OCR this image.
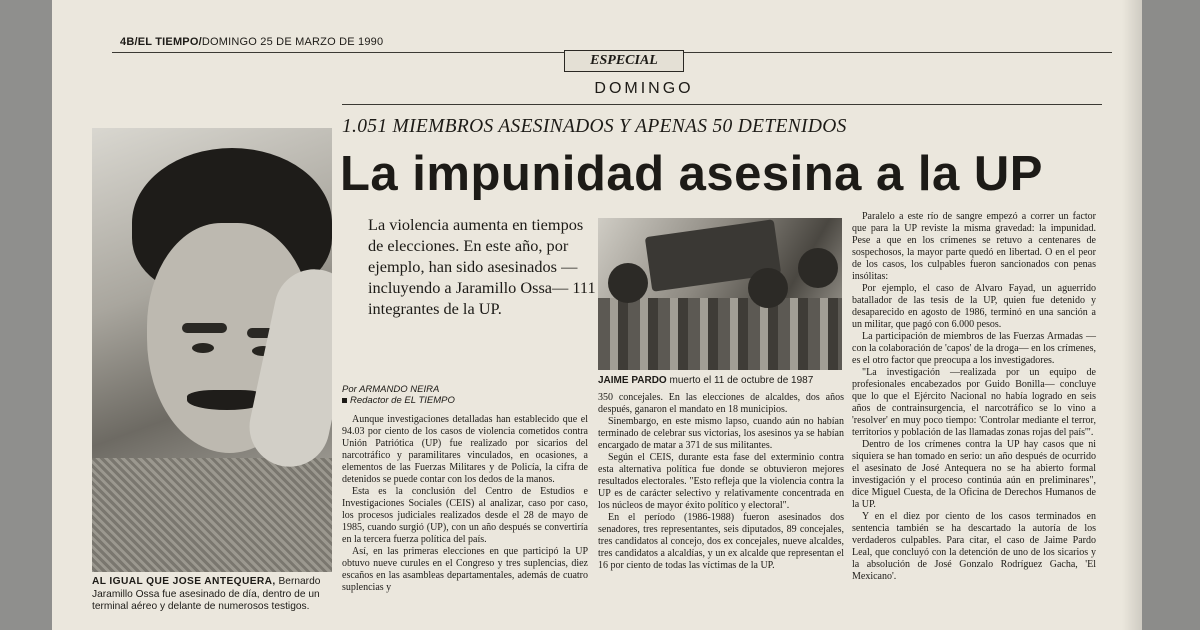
4B/EL TIEMPO/DOMINGO 25 DE MARZO DE 1990
ESPECIAL
DOMINGO
AL IGUAL QUE JOSE ANTEQUERA, Bernardo Jaramillo Ossa fue asesinado de día, dentro de un terminal aéreo y delante de numerosos testigos.
1.051 MIEMBROS ASESINADOS Y APENAS 50 DETENIDOS
La impunidad asesina a la UP
La violencia aumenta en tiempos de elecciones. En este año, por ejemplo, han sido asesinados —incluyendo a Jaramillo Ossa— 111 integrantes de la UP.
Por ARMANDO NEIRA
Redactor de EL TIEMPO

Aunque investigaciones detalladas han establecido que el 94.03 por ciento de los casos de violencia cometidos contra Unión Patriótica (UP) fue realizado por sicarios del narcotráfico y paramilitares vinculados, en ocasiones, a elementos de las Fuerzas Militares y de Policía, la cifra de detenidos se puede contar con los dedos de la manos.

Esta es la conclusión del Centro de Estudios e Investigaciones Sociales (CEIS) al analizar, caso por caso, los procesos judiciales realizados desde el 28 de mayo de 1985, cuando surgió (UP), con un año después se convertiría en la tercera fuerza política del país.

Así, en las primeras elecciones en que participó la UP obtuvo nueve curules en el Congreso y tres suplencias, diez escaños en las asambleas departamentales, además de cuatro suplencias y

JAIME PARDO muerto el 11 de octubre de 1987

350 concejales. En las elecciones de alcaldes, dos años después, ganaron el mandato en 18 municipios.

Sinembargo, en este mismo lapso, cuando aún no habían terminado de celebrar sus victorias, los asesinos ya se habían encargado de matar a 371 de sus militantes.

Según el CEIS, durante esta fase del exterminio contra esta alternativa política fue donde se obtuvieron mejores resultados electorales. "Esto refleja que la violencia contra la UP es de carácter selectivo y relativamente concentrada en los núcleos de mayor éxito político y electoral".

En el período (1986-1988) fueron asesinados dos senadores, tres representantes, seis diputados, 89 concejales, tres candidatos al concejo, dos ex concejales, nueve alcaldes, tres candidatos a alcaldías, y un ex alcalde que representan el 16 por ciento de todas las víctimas de la UP.

Paralelo a este río de sangre empezó a correr un factor que para la UP reviste la misma gravedad: la impunidad. Pese a que en los crímenes se retuvo a centenares de sospechosos, la mayor parte quedó en libertad. O en el peor de los casos, los culpables fueron sancionados con penas insólitas:

Por ejemplo, el caso de Alvaro Fayad, un aguerrido batallador de las tesis de la UP, quien fue detenido y desaparecido en agosto de 1986, terminó en una sanción a un militar, que pagó con 6.000 pesos.

La participación de miembros de las Fuerzas Armadas —con la colaboración de 'capos' de la droga— en los crímenes, es el otro factor que preocupa a los investigadores.

"La investigación —realizada por un equipo de profesionales encabezados por Guido Bonilla— concluye que lo que el Ejército Nacional no había logrado en seis años de contrainsurgencia, el narcotráfico se lo vino a 'resolver' en muy poco tiempo: 'Controlar mediante el terror, territorios y población de las llamadas zonas rojas del país'".

Dentro de los crímenes contra la UP hay casos que ni siquiera se han tomado en serio: un año después de ocurrido el asesinato de José Antequera no se ha abierto formal investigación y el proceso continúa aún en preliminares", dice Miguel Cuesta, de la Oficina de Derechos Humanos de la UP.

Y en el diez por ciento de los casos terminados en sentencia también se ha descartado la autoría de los verdaderos culpables. Para citar, el caso de Jaime Pardo Leal, que concluyó con la detención de uno de los sicarios y la absolución de José Gonzalo Rodríguez Gacha, 'El Mexicano'.
